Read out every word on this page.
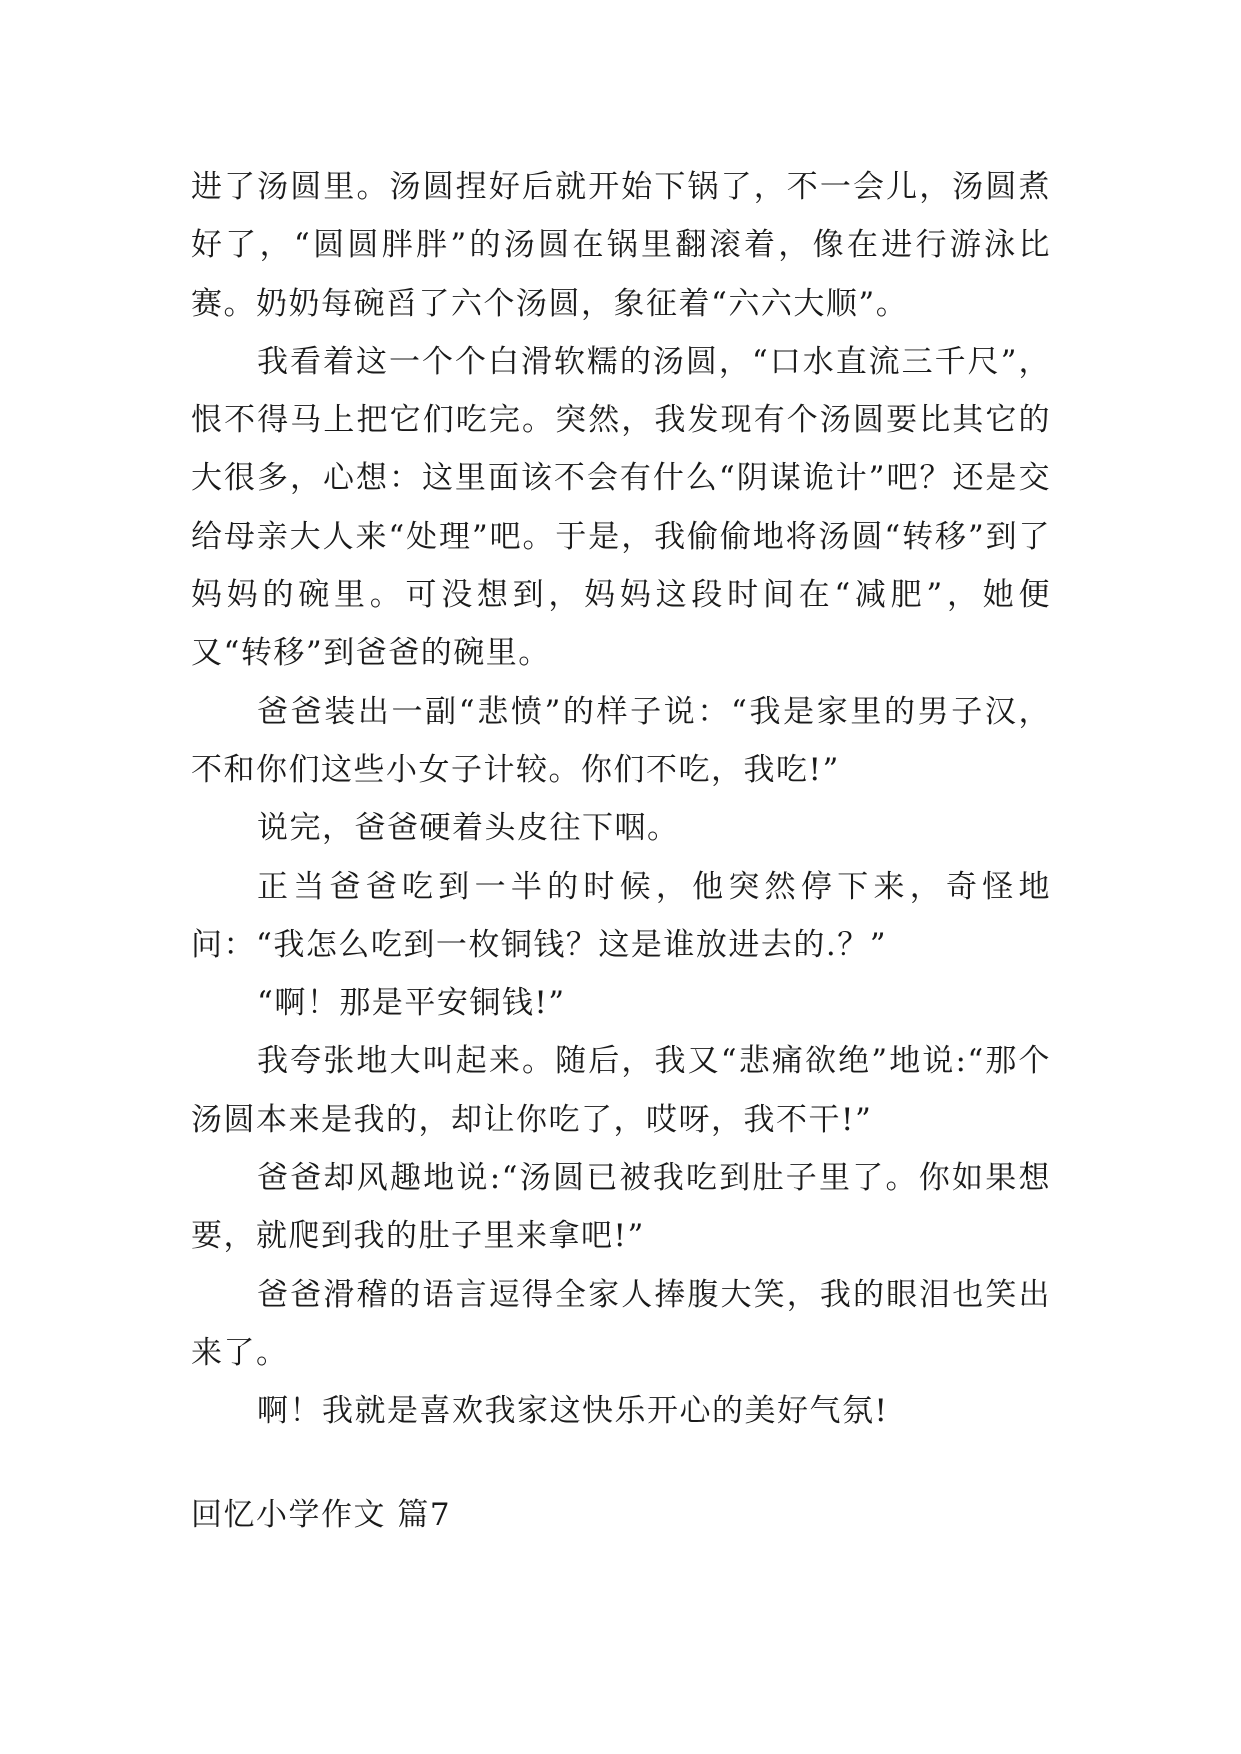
进了汤圆里。汤圆捏好后就开始下锅了，不一会儿，汤圆煮好了，“圆圆胖胖”的汤圆在锅里翻滚着，像在进行游泳比赛。奶奶每碗舀了六个汤圆，象征着“六六大顺”。

我看着这一个个白滑软糯的汤圆，“口水直流三千尺”，恨不得马上把它们吃完。突然，我发现有个汤圆要比其它的大很多，心想：这里面该不会有什么“阴谋诡计”吧？还是交给母亲大人来“处理”吧。于是，我偷偷地将汤圆“转移”到了妈妈的碗里。可没想到，妈妈这段时间在“减肥”，她便又“转移”到爸爸的碗里。

爸爸装出一副“悲愤”的样子说：“我是家里的男子汉，不和你们这些小女子计较。你们不吃，我吃!”

说完，爸爸硬着头皮往下咽。

正当爸爸吃到一半的时候，他突然停下来，奇怪地问：“我怎么吃到一枚铜钱？这是谁放进去的.？”

“啊！那是平安铜钱!”

我夸张地大叫起来。随后，我又“悲痛欲绝”地说:“那个汤圆本来是我的，却让你吃了，哎呀，我不干!”

爸爸却风趣地说:“汤圆已被我吃到肚子里了。你如果想要，就爬到我的肚子里来拿吧!”

爸爸滑稽的语言逗得全家人捧腹大笑，我的眼泪也笑出来了。

啊！我就是喜欢我家这快乐开心的美好气氛!

回忆小学作文 篇7
